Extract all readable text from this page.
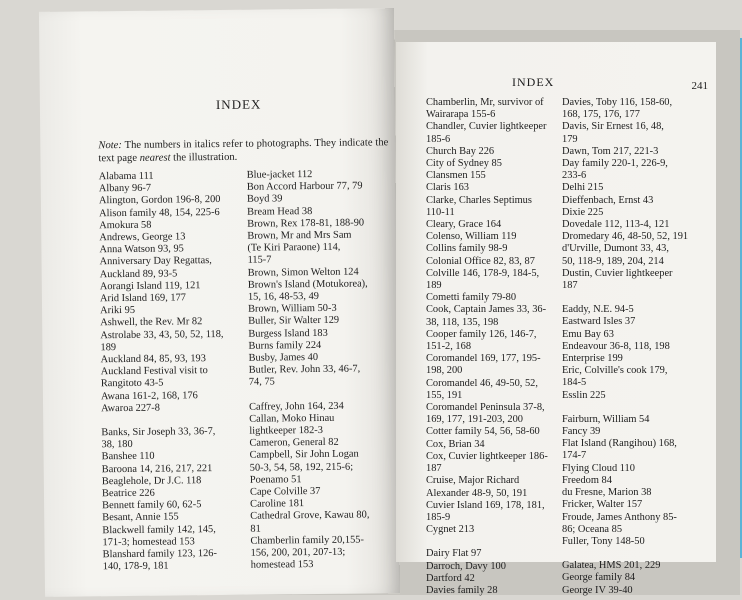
INDEX
Note: The numbers in italics refer to photographs. They indicate the text page nearest the illustration.
Alabama 111
Albany 96-7
Alington, Gordon 196-8, 200
Alison family 48, 154, 225-6
Amokura 58
Andrews, George 13
Anna Watson 93, 95
Anniversary Day Regattas,
Auckland 89, 93-5
Aorangi Island 119, 121
Arid Island 169, 177
Ariki 95
Ashwell, the Rev. Mr 82
Astrolabe 33, 43, 50, 52, 118,
189
Auckland 84, 85, 93, 193
Auckland Festival visit to
Rangitoto 43-5
Awana 161-2, 168, 176
Awaroa 227-8
Banks, Sir Joseph 33, 36-7,
38, 180
Banshee 110
Baroona 14, 216, 217, 221
Beaglehole, Dr J.C. 118
Beatrice 226
Bennett family 60, 62-5
Besant, Annie 155
Blackwell family 142, 145,
171-3; homestead 153
Blanshard family 123, 126-
140, 178-9, 181
Blue-jacket 112
Bon Accord Harbour 77, 79
Boyd 39
Bream Head 38
Brown, Rex 178-81, 188-90
Brown, Mr and Mrs Sam
(Te Kiri Paraone) 114,
115-7
Brown, Simon Welton 124
Brown's Island (Motukorea),
15, 16, 48-53, 49
Brown, William 50-3
Buller, Sir Walter 129
Burgess Island 183
Burns family 224
Busby, James 40
Butler, Rev. John 33, 46-7,
74, 75
Caffrey, John 164, 234
Callan, Moko Hinau
lightkeeper 182-3
Cameron, General 82
Campbell, Sir John Logan
50-3, 54, 58, 192, 215-6;
Poenamo 51
Cape Colville 37
Caroline 181
Cathedral Grove, Kawau 80,
81
Chamberlin family 20,155-
156, 200, 201, 207-13;
homestead 153
INDEX	241
Chamberlin, Mr, survivor of
Wairarapa 155-6
Chandler, Cuvier lightkeeper
185-6
Church Bay 226
City of Sydney 85
Clansmen 155
Claris 163
Clarke, Charles Septimus
110-11
Cleary, Grace 164
Colenso, William 119
Collins family 98-9
Colonial Office 82, 83, 87
Colville 146, 178-9, 184-5,
189
Cometti family 79-80
Cook, Captain James 33, 36-
38, 118, 135, 198
Cooper family 126, 146-7,
151-2, 168
Coromandel 169, 177, 195-
198, 200
Coromandel 46, 49-50, 52,
155, 191
Coromandel Peninsula 37-8,
169, 177, 191-203, 200
Cotter family 54, 56, 58-60
Cox, Brian 34
Cox, Cuvier lightkeeper 186-
187
Cruise, Major Richard
Alexander 48-9, 50, 191
Cuvier Island 169, 178, 181,
185-9
Cygnet 213
Dairy Flat 97
Darroch, Davy 100
Dartford 42
Davies family 28
Davies, Toby 116, 158-60,
168, 175, 176, 177
Davis, Sir Ernest 16, 48,
179
Dawn, Tom 217, 221-3
Day family 220-1, 226-9,
233-6
Delhi 215
Dieffenbach, Ernst 43
Dixie 225
Dovedale 112, 113-4, 121
Dromedary 46, 48-50, 52, 191
d'Urville, Dumont 33, 43,
50, 118-9, 189, 204, 214
Dustin, Cuvier lightkeeper
187
Eaddy, N.E. 94-5
Eastward Isles 37
Emu Bay 63
Endeavour 36-8, 118, 198
Enterprise 199
Eric, Colville's cook 179,
184-5
Esslin 225
Fairburn, William 54
Fancy 39
Flat Island (Rangihou) 168,
174-7
Flying Cloud 110
Freedom 84
du Fresne, Marion 38
Fricker, Walter 157
Froude, James Anthony 85-
86; Oceana 85
Fuller, Tony 148-50
Galatea, HMS 201, 229
George family 84
George IV 39-40
